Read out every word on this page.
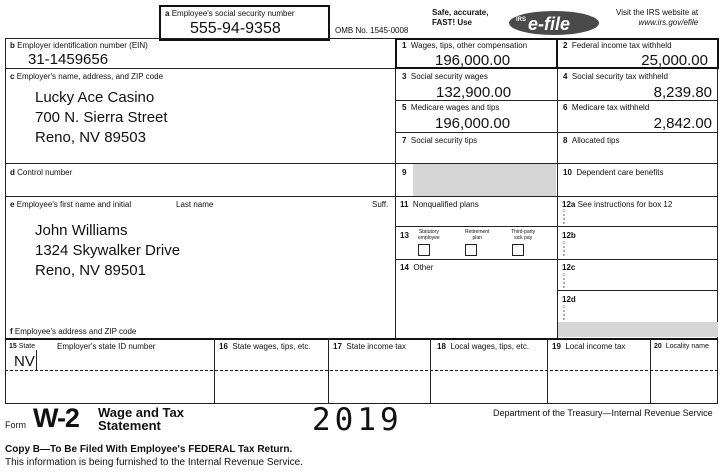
a Employee's social security number
555-94-9358	OMB No. 1545-0008
Safe, accurate,
FAST! Use	IRS e-file
Visit the IRS website at
www.irs.gov/efile
b Employer identification number (EIN)
31-1459656
c Employer's name, address, and ZIP code
Lucky Ace Casino
700 N. Sierra Street
Reno, NV 89503
d Control number
e Employee's first name and initial	Last name	Suff.
John Williams
1324 Skywalker Drive
Reno, NV 89501
f Employee's address and ZIP code
1 Wages, tips, other compensation
196,000.00
2 Federal income tax withheld
25,000.00
3 Social security wages
132,900.00
4 Social security tax withheld
8,239.80
5 Medicare wages and tips
196,000.00
6 Medicare tax withheld
2,842.00
7 Social security tips	8 Allocated tips
9	10 Dependent care benefits
11 Nonqualified plans	12a See instructions for box 12
12b
12c
12d
C
o
d
e
C
o
d
e
C
o
d
e
C
o
d
e
13 Statutory
employee
Retirement
plan
Third-party
sick pay
14 Other
15 State	Employer's state ID number	16 State wages, tips, etc.	17 State income tax	18 Local wages, tips, etc.	19 Local income tax	20 Locality name
NV
Form W-2 Wage and Tax
Statement	2019	Department of the Treasury—Internal Revenue Service
Copy B—To Be Filed With Employee's FEDERAL Tax Return.
This information is being furnished to the Internal Revenue Service.
